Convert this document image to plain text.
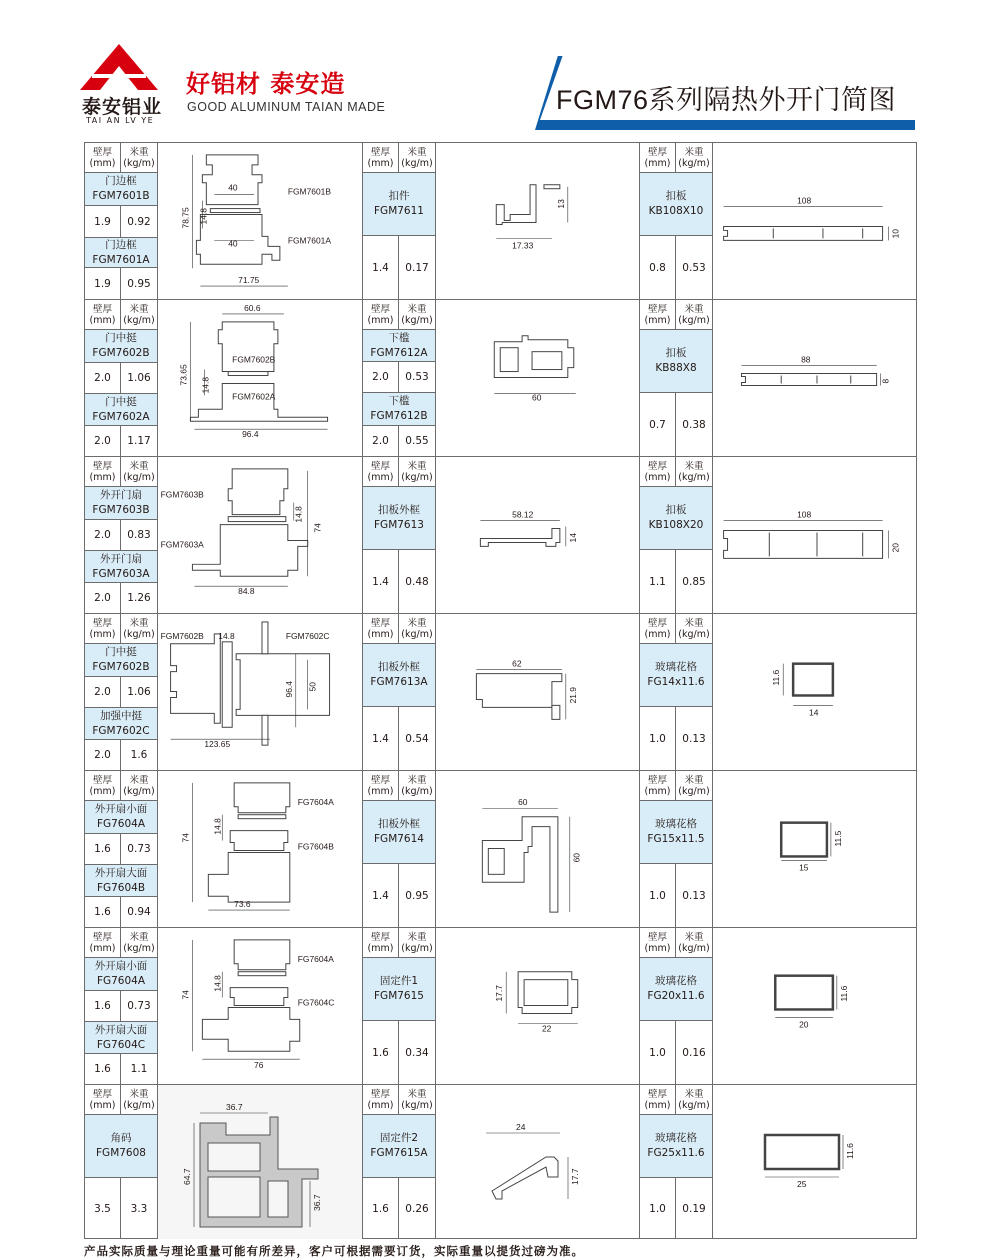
泰安铝业
TAI AN LV YE
好铝材 泰安造
GOOD ALUMINUM TAIAN MADE	FGM76系列隔热外开门简图
壁厚
(mm)
米重
(kg/m)
门边框
FGM7601B
1.9	0.92
门边框
FGM7601A
1.9	0.95
40
40
78.75 14.8
71.75
FGM7601B
FGM7601A
壁厚
(mm)
米重
(kg/m)
扣件
FGM7611
1.4	0.17
17.33
13
壁厚
(mm)
米重
(kg/m)
扣板
KB108X10
0.8	0.53
108
10
壁厚
(mm)
米重
(kg/m)
门中挺
FGM7602B
2.0	1.06
门中挺
FGM7602A
2.0	1.17
60.6
73.65 14.8
96.4
FGM7602B
FGM7602A
壁厚
(mm)
米重
(kg/m)
下槛
FGM7612A
2.0	0.53
下槛
FGM7612B
2.0	0.55
60
壁厚
(mm)
米重
(kg/m)
扣板
KB88X8
0.7	0.38
88
8
壁厚
(mm)
米重
(kg/m)
外开门扇
FGM7603B
2.0	0.83
外开门扇
FGM7603A
2.0	1.26
74
14.8
84.8
FGM7603B
FGM7603A
壁厚
(mm)
米重
(kg/m)
扣板外框
FGM7613
1.4	0.48
58.12
14
壁厚
(mm)
米重
(kg/m)
扣板
KB108X20
1.1	0.85
108
20
壁厚
(mm)
米重
(kg/m)
门中挺
FGM7602B
2.0	1.06
加强中挺
FGM7602C
2.0	1.6
123.65
96.4 50
14.8
FGM7602B	FGM7602C
壁厚
(mm)
米重
(kg/m)
扣板外框
FGM7613A
1.4	0.54
62
21.9
壁厚
(mm)
米重
(kg/m)
玻璃花格
FG14x11.6
1.0	0.13
11.6
14
壁厚
(mm)
米重
(kg/m)
外开扇小面
FG7604A
1.6	0.73
外开扇大面
FG7604B
1.6	0.94
74
14.8
73.6
FG7604A
FG7604B
壁厚
(mm)
米重
(kg/m)
扣板外框
FGM7614
1.4	0.95
60
60
壁厚
(mm)
米重
(kg/m)
玻璃花格
FG15x11.5
1.0	0.13
15
11.5
壁厚
(mm)
米重
(kg/m)
外开扇小面
FG7604A
1.6	0.73
外开扇大面
FG7604C
1.6	1.1
74
14.8
76
FG7604A
FG7604C
壁厚
(mm)
米重
(kg/m)
固定件1
FGM7615
1.6	0.34
17.7
22
壁厚
(mm)
米重
(kg/m)
玻璃花格
FG20x11.6
1.0	0.16
20
11.6
壁厚
(mm)
米重
(kg/m)
角码
FGM7608
3.5	3.3
36.7
64.7
36.7
壁厚
(mm)
米重
(kg/m)
固定件2
FGM7615A
1.6	0.26
24
17.7
壁厚
(mm)
米重
(kg/m)
玻璃花格
FG25x11.6
1.0	0.19
25
11.6
产品实际质量与理论重量可能有所差异，客户可根据需要订货，实际重量以提货过磅为准。
